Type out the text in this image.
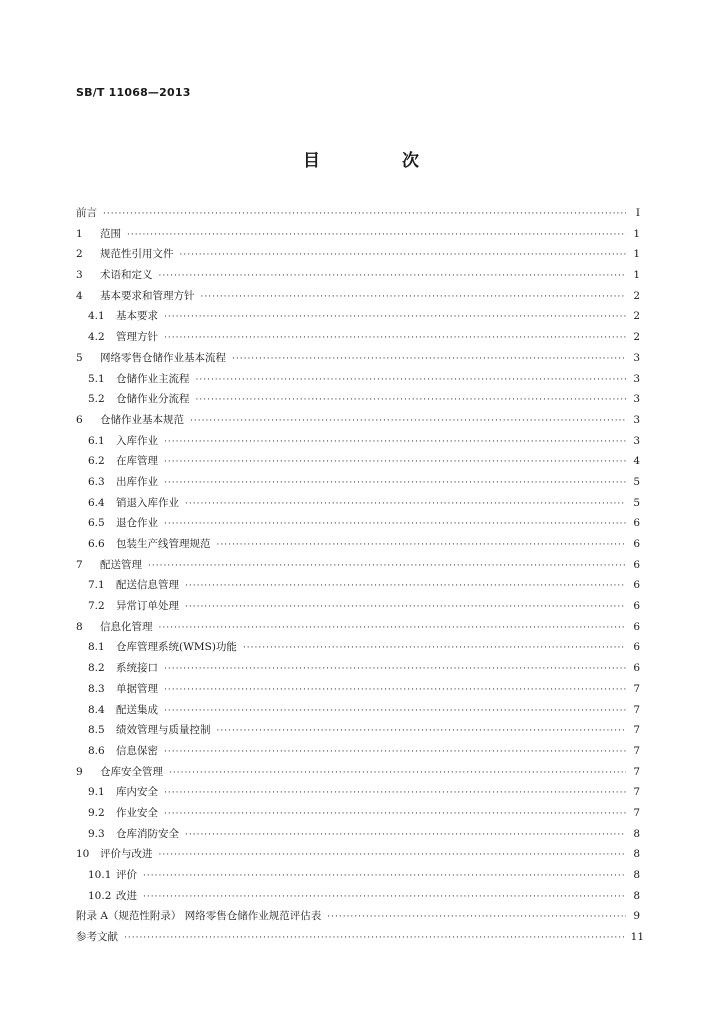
SB/T 11068—2013
目 次
前言 ·····	Ⅰ
1	范围 ·····	1
2	规范性引用文件 ·····	1
3	术语和定义 ·····	1
4	基本要求和管理方针 ·····	2
4.1	基本要求 ·····	2
4.2	管理方针 ·····	2
5	网络零售仓储作业基本流程 ·····	3
5.1	仓储作业主流程 ·····	3
5.2	仓储作业分流程 ·····	3
6	仓储作业基本规范 ·····	3
6.1	入库作业 ·····	3
6.2	在库管理 ·····	4
6.3	出库作业 ·····	5
6.4	销退入库作业 ·····	5
6.5	退仓作业 ·····	6
6.6	包装生产线管理规范 ·····	6
7	配送管理 ·····	6
7.1	配送信息管理 ·····	6
7.2	异常订单处理 ·····	6
8	信息化管理 ·····	6
8.1	仓库管理系统(WMS)功能 ·····	6
8.2	系统接口 ·····	6
8.3	单据管理 ·····	7
8.4	配送集成 ·····	7
8.5	绩效管理与质量控制 ·····	7
8.6	信息保密 ·····	7
9	仓库安全管理 ·····	7
9.1	库内安全 ·····	7
9.2	作业安全 ·····	7
9.3	仓库消防安全 ·····	8
10	评价与改进 ·····	8
10.1 评价 ·····	8
10.2 改进 ·····	8
附录 A（规范性附录） 网络零售仓储作业规范评估表 ·····	9
参考文献 ·····	11
